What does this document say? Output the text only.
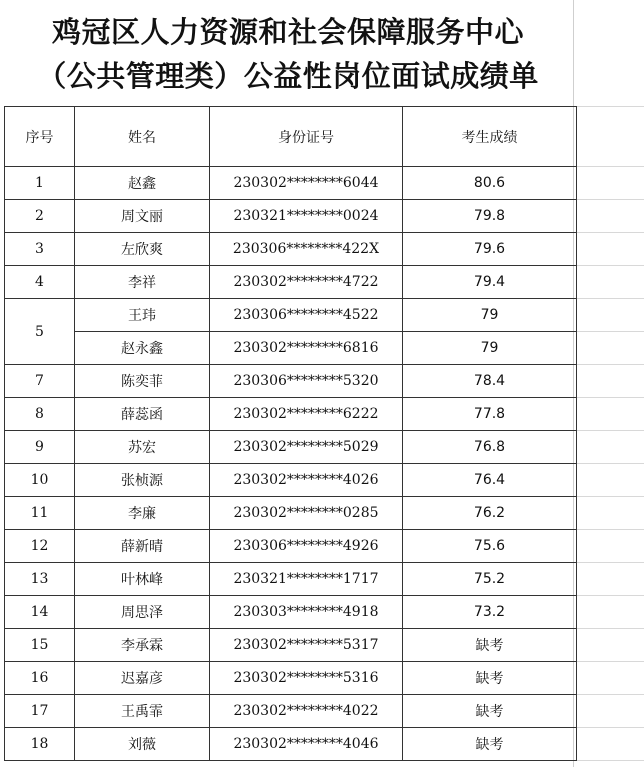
鸡冠区人力资源和社会保障服务中心
（公共管理类）公益性岗位面试成绩单
序号	姓名	身份证号	考生成绩
1	赵鑫	230302********6044	80.6
2	周文丽	230321********0024	79.8
3	左欣爽	230306********422X	79.6
4	李祥	230302********4722	79.4
5	王玮	230306********4522	79
	赵永鑫	230302********6816	79
7	陈奕菲	230306********5320	78.4
8	薛蕊函	230302********6222	77.8
9	苏宏	230302********5029	76.8
10	张桢源	230302********4026	76.4
11	李廉	230302********0285	76.2
12	薛新晴	230306********4926	75.6
13	叶林峰	230321********1717	75.2
14	周思泽	230303********4918	73.2
15	李承霖	230302********5317	缺考
16	迟嘉彦	230302********5316	缺考
17	王禹霏	230302********4022	缺考
18	刘薇	230302********4046	缺考
